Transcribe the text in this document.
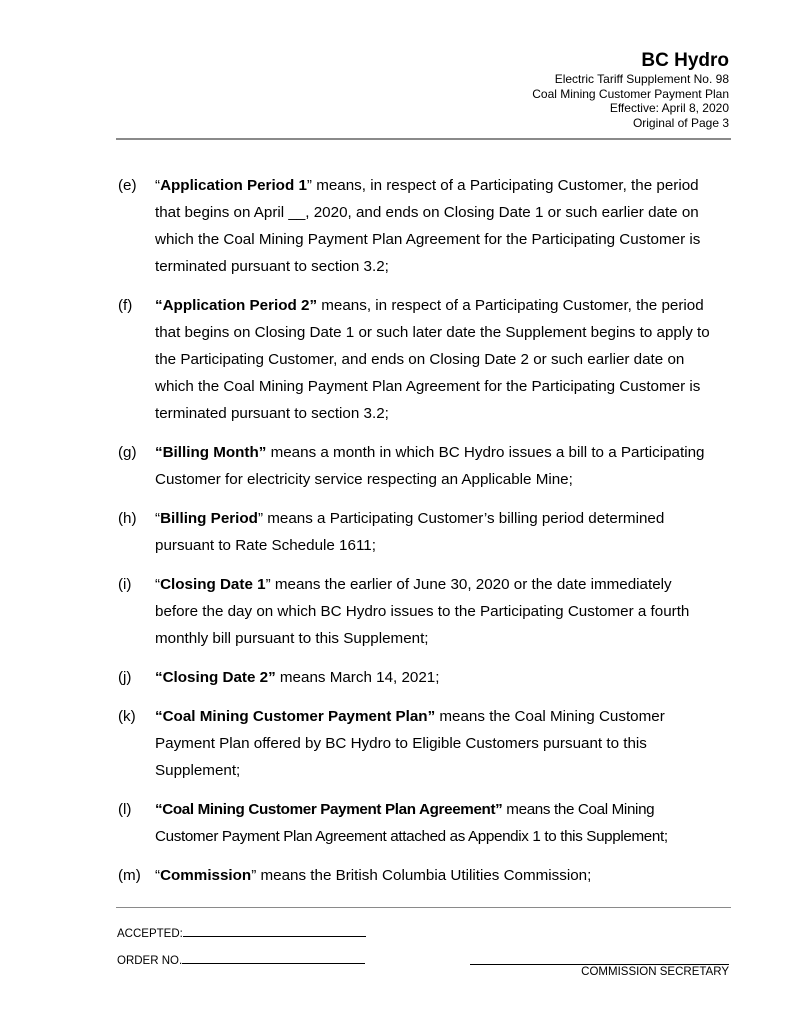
BC Hydro
Electric Tariff Supplement No. 98
Coal Mining Customer Payment Plan
Effective: April 8, 2020
Original of Page 3
(e) “Application Period 1” means, in respect of a Participating Customer, the period
that begins on April __, 2020, and ends on Closing Date 1 or such earlier date on
which the Coal Mining Payment Plan Agreement for the Participating Customer is
terminated pursuant to section 3.2;
(f) “Application Period 2” means, in respect of a Participating Customer, the period
that begins on Closing Date 1 or such later date the Supplement begins to apply to
the Participating Customer, and ends on Closing Date 2 or such earlier date on
which the Coal Mining Payment Plan Agreement for the Participating Customer is
terminated pursuant to section 3.2;
(g) “Billing Month” means a month in which BC Hydro issues a bill to a Participating
Customer for electricity service respecting an Applicable Mine;
(h) “Billing Period” means a Participating Customer’s billing period determined
pursuant to Rate Schedule 1611;
(i) “Closing Date 1” means the earlier of June 30, 2020 or the date immediately
before the day on which BC Hydro issues to the Participating Customer a fourth
monthly bill pursuant to this Supplement;
(j) “Closing Date 2” means March 14, 2021;
(k) “Coal Mining Customer Payment Plan” means the Coal Mining Customer
Payment Plan offered by BC Hydro to Eligible Customers pursuant to this
Supplement;
(l) “Coal Mining Customer Payment Plan Agreement” means the Coal Mining
Customer Payment Plan Agreement attached as Appendix 1 to this Supplement;
(m) “Commission” means the British Columbia Utilities Commission;
ACCEPTED:
ORDER NO.
COMMISSION SECRETARY
